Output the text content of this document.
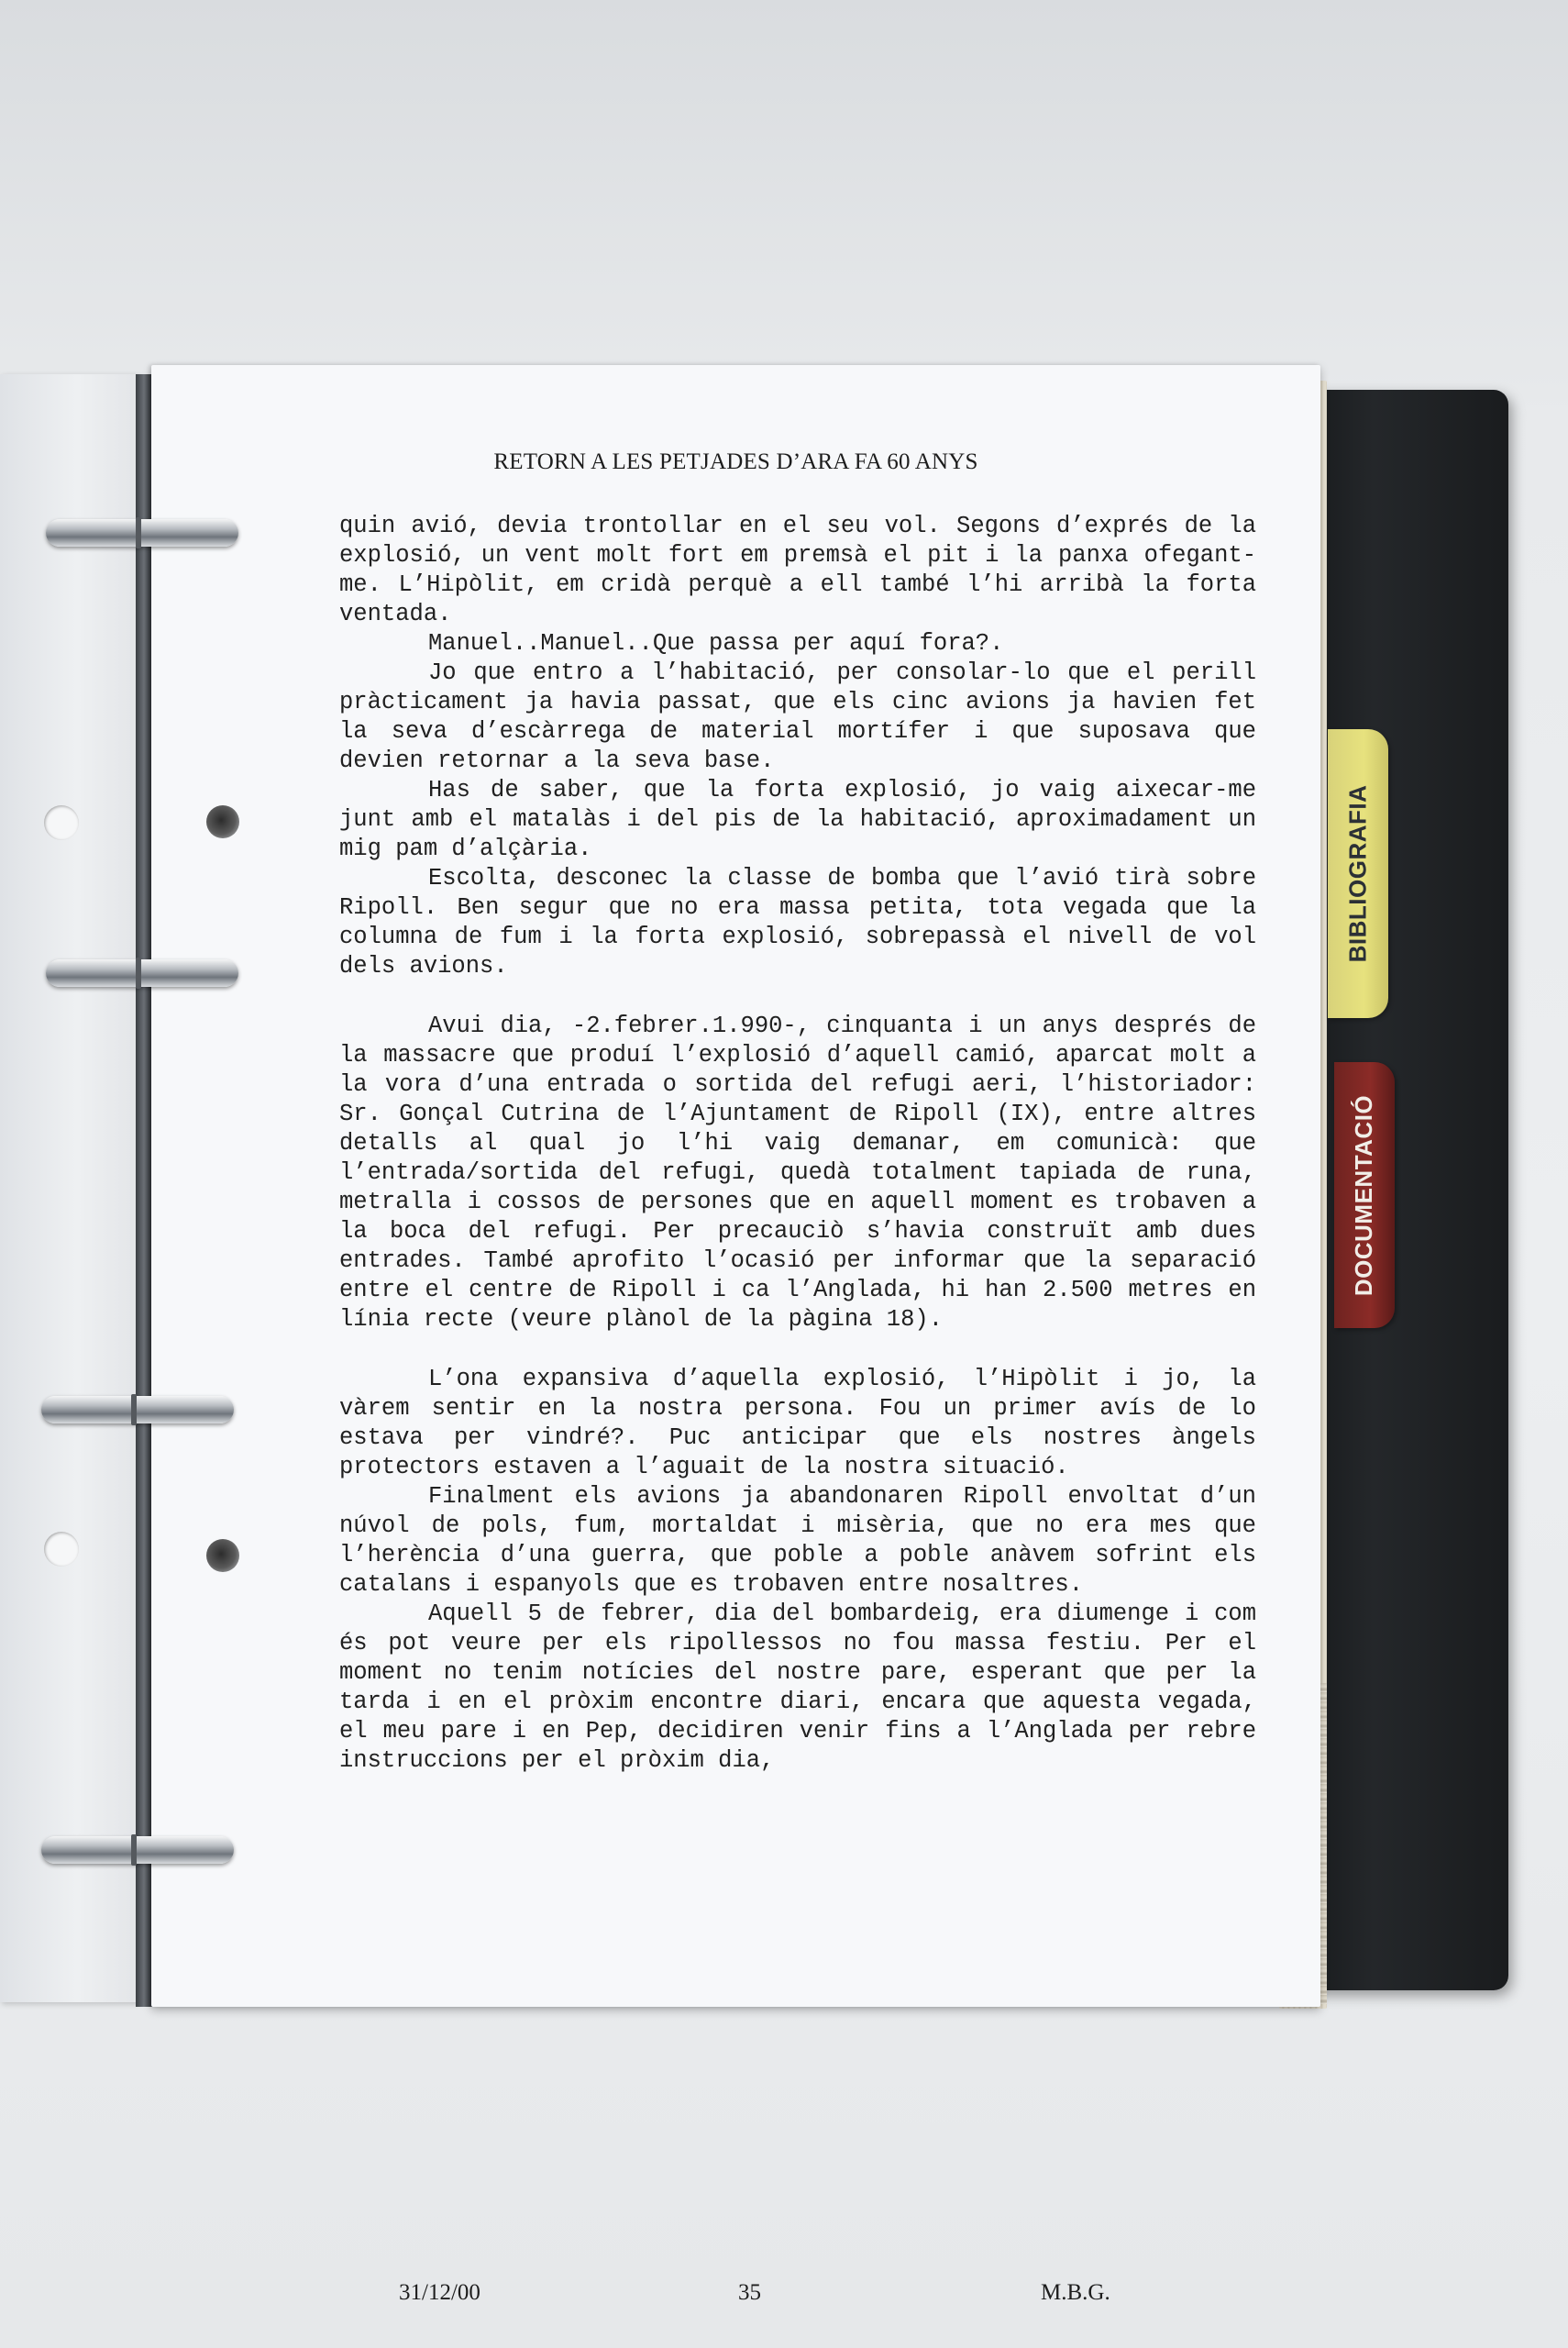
BIBLIOGRAFIA
DOCUMENTACIÓ
RETORN A LES PETJADES D’ARA FA 60 ANYS

quin avió, devia trontollar en el seu vol. Segons d’exprés de la explosió, un vent molt fort em premsà el pit i la panxa ofegant-me. L’Hipòlit, em cridà perquè a ell també l’hi arribà la forta ventada.

Manuel..Manuel..Que passa per aquí fora?.

Jo que entro a l’habitació, per consolar-lo que el perill pràcticament ja havia passat, que els cinc avions ja havien fet la seva d’escàrrega de material mortífer i que suposava que devien retornar a la seva base.

Has de saber, que la forta explosió, jo vaig aixecar-me junt amb el matalàs i del pis de la habitació, aproximadament un mig pam d’alçària.

Escolta, desconec la classe de bomba que l’avió tirà sobre Ripoll. Ben segur que no era massa petita, tota vegada que la columna de fum i la forta explosió, sobrepassà el nivell de vol dels avions.

Avui dia, -2.febrer.1.990-, cinquanta i un anys després de la massacre que produí l’explosió d’aquell camió, aparcat molt a la vora d’una entrada o sortida del refugi aeri, l’historiador: Sr. Gonçal Cutrina de l’Ajuntament de Ripoll (IX), entre altres detalls al qual jo l’hi vaig demanar, em comunicà: que l’entrada/sortida del refugi, quedà totalment tapiada de runa, metralla i cossos de persones que en aquell moment es trobaven a la boca del refugi. Per precauciò s’havia construït amb dues entrades. També aprofito l’ocasió per informar que la separació entre el centre de Ripoll i ca l’Anglada, hi han 2.500 metres en línia recte (veure plànol de la pàgina 18).

L’ona expansiva d’aquella explosió, l’Hipòlit i jo, la vàrem sentir en la nostra persona. Fou un primer avís de lo estava per vindré?. Puc anticipar que els nostres àngels protectors estaven a l’aguait de la nostra situació.

Finalment els avions ja abandonaren Ripoll envoltat d’un núvol de pols, fum, mortaldat i misèria, que no era mes que l’herència d’una guerra, que poble a poble anàvem sofrint els catalans i espanyols que es trobaven entre nosaltres.

Aquell 5 de febrer, dia del bombardeig, era diumenge i com és pot veure per els ripollessos no fou massa festiu. Per el moment no tenim notícies del nostre pare, esperant que per la tarda i en el pròxim encontre diari, encara que aquesta vegada, el meu pare i en Pep, decidiren venir fins a l’Anglada per rebre instruccions per el pròxim dia,

31/12/00	35	M.B.G.
